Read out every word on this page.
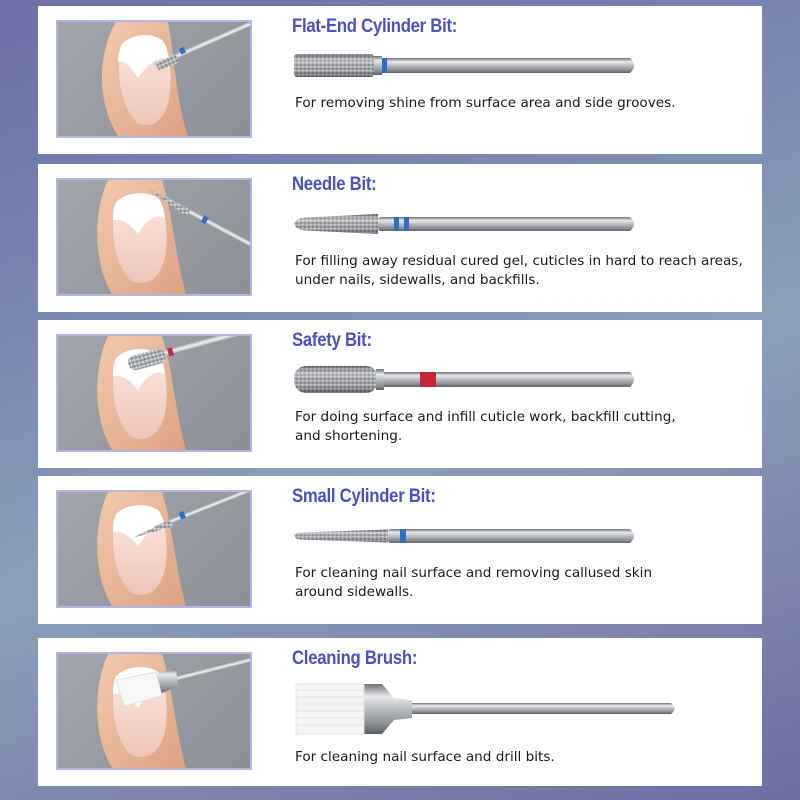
Flat-End Cylinder Bit:
For removing shine from surface area and side grooves.
Needle Bit:
For filling away residual cured gel, cuticles in hard to reach areas,
under nails, sidewalls, and backfills.
Safety Bit:
For doing surface and infill cuticle work, backfill cutting,
and shortening.
Small Cylinder Bit:
For cleaning nail surface and removing callused skin
around sidewalls.
Cleaning Brush:
For cleaning nail surface and drill bits.
